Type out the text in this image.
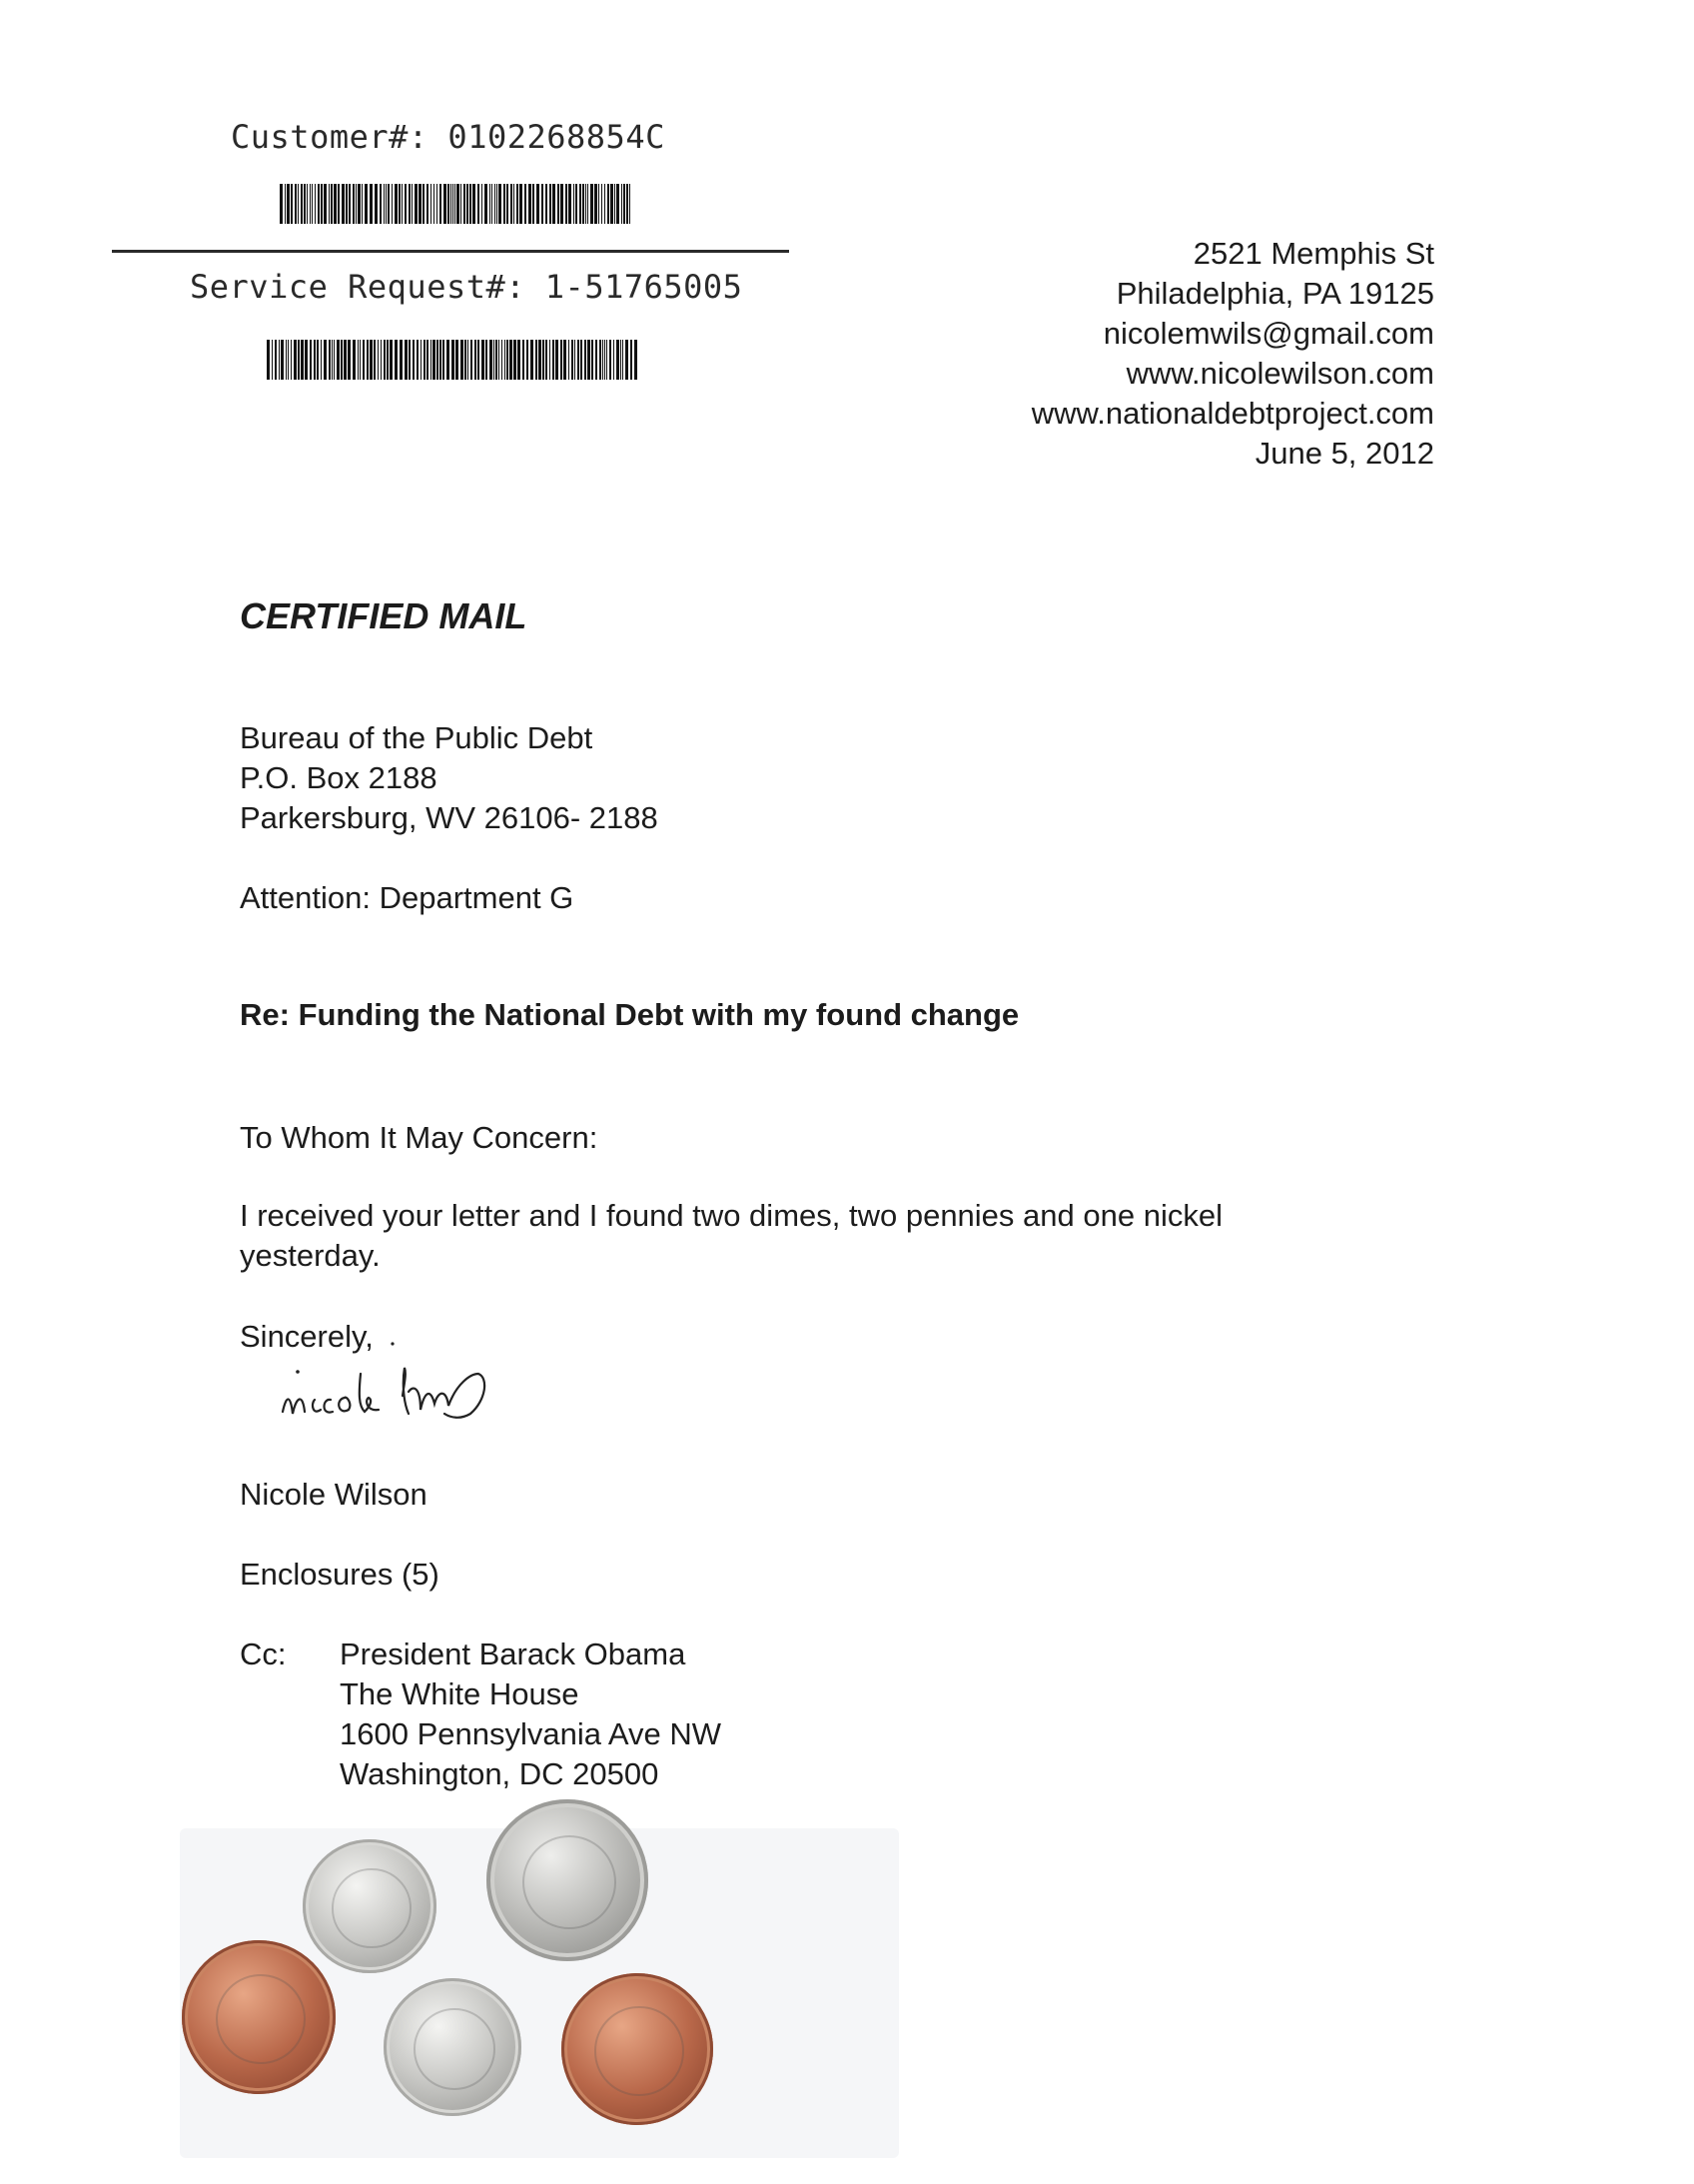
Customer#: 0102268854C
Service Request#: 1-51765005
2521 Memphis St
Philadelphia, PA 19125
nicolemwils@gmail.com
www.nicolewilson.com
www.nationaldebtproject.com
June 5, 2012
CERTIFIED MAIL
Bureau of the Public Debt
P.O. Box 2188
Parkersburg, WV 26106- 2188
Attention: Department G
Re: Funding the National Debt with my found change
To Whom It May Concern:
I received your letter and I found two dimes, two pennies and one nickel yesterday.
Sincerely,
Nicole Wilson
Enclosures (5)
Cc: President Barack Obama
The White House
1600 Pennsylvania Ave NW
Washington, DC 20500
